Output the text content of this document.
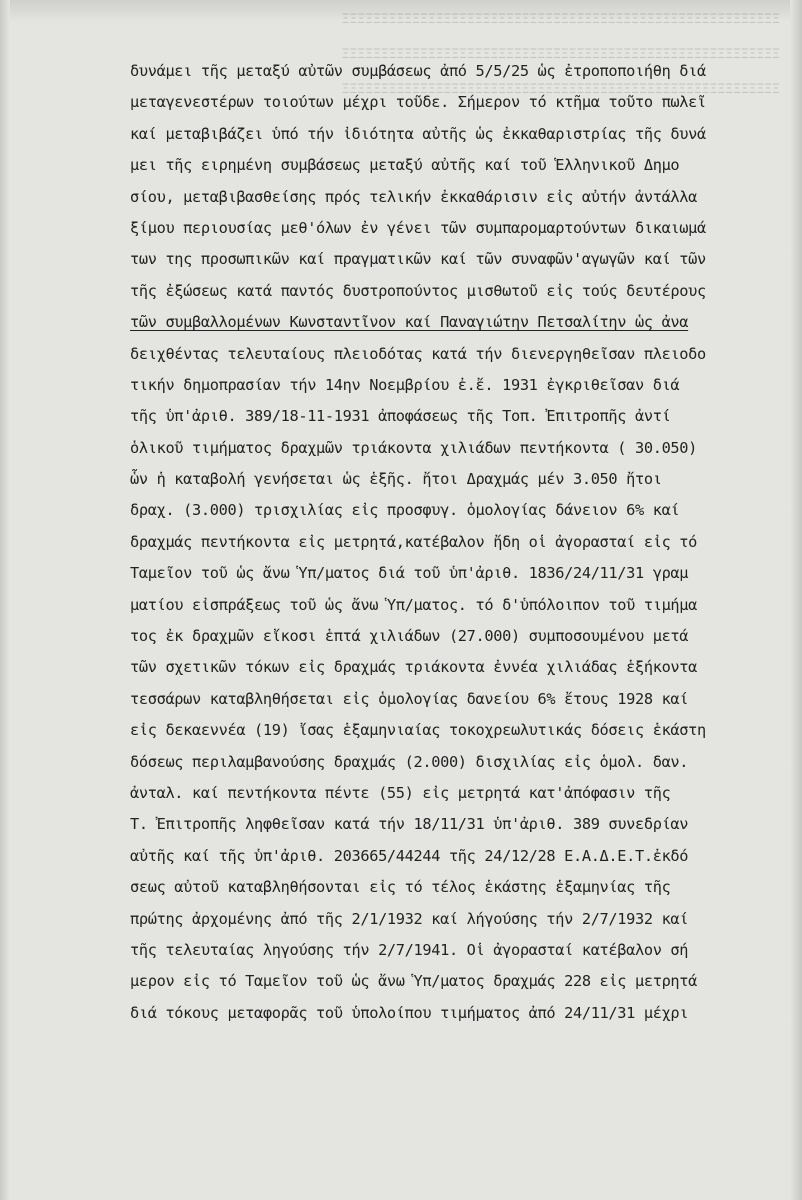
ΞΞΞΞΞΞΞΞΞΞΞΞΞΞΞΞΞΞΞΞΞΞΞΞΞΞΞΞΞΞΞΞΞΞΞΞΞΞΞΞΞΞΞΞΞΞΞΞΞΞΞΞΞΞΞΞ
ΞΞΞΞΞΞΞΞΞΞΞΞΞΞΞΞΞΞΞΞΞΞΞΞΞΞΞΞΞΞΞΞΞΞΞΞΞΞΞΞΞΞΞΞΞΞΞΞΞΞΞΞΞΞΞΞ
ΞΞΞΞΞΞΞΞΞΞΞΞΞΞΞΞΞΞΞΞΞΞΞΞΞΞΞΞΞΞΞΞΞΞΞΞΞΞΞΞΞΞΞΞΞΞΞΞΞΞΞΞΞΞΞΞ
δυνάμει τῆς μεταξύ αὐτῶν συμβάσεως ἀπό 5/5/25 ὡς ἐτροποποιήθη διά
μεταγενεστέρων τοιούτων μέχρι τοῦδε. Σήμερον τό κτῆμα τοῦτο πωλεῖ
καί μεταβιβάζει ὑπό τήν ἰδιότητα αὐτῆς ὡς ἐκκαθαριστρίας τῆς δυνά
μει τῆς ειρημένη συμβάσεως μεταξύ αὐτῆς καί τοῦ Ἑλληνικοῦ Δημο
σίου, μεταβιβασθείσης πρός τελικήν ἐκκαθάρισιν εἰς αὐτήν ἀντάλλα
ξίμου περιουσίας μεθ'όλων ἐν γένει τῶν συμπαρομαρτούντων δικαιωμά
των της προσωπικῶν καί πραγματικῶν καί τῶν συναφῶν'αγωγῶν καί τῶν
τῆς ἐξώσεως κατά παντός δυστροπούντος μισθωτοῦ εἰς τούς δευτέρους
τῶν συμβαλλομένων Κωνσταντῖνον καί Παναγιώτην Πετσαλίτην ὡς ἀνα
δειχθέντας τελευταίους πλειοδότας κατά τήν διενεργηθεῖσαν πλειοδο
τικήν δημοπρασίαν τήν 14ην Νοεμβρίου ἐ.ἔ. 1931 ἐγκριθεῖσαν διά
τῆς ὑπ'ἀριθ. 389/18-11-1931 ἀποφάσεως τῆς Τοπ. Ἐπιτροπῆς ἀντί
ὁλικοῦ τιμήματος δραχμῶν τριάκοντα χιλιάδων πεντήκοντα ( 30.050)
ὧν ἡ καταβολή γενήσεται ὡς ἑξῆς. ἤτοι Δραχμάς μέν 3.050 ἤτοι
δραχ. (3.000) τρισχιλίας εἰς προσφυγ. ὁμολογίας δάνειον 6% καί
δραχμάς πεντήκοντα εἰς μετρητά,κατέβαλον ἤδη οἱ ἀγορασταί εἰς τό
Ταμεῖον τοῦ ὡς ἄνω Ὑπ/ματος διά τοῦ ὑπ'ἀριθ. 1836/24/11/31 γραμ
ματίου εἰσπράξεως τοῦ ὡς ἄνω Ὑπ/ματος. τό δ'ὑπόλοιπον τοῦ τιμήμα
τος ἐκ δραχμῶν εἴκοσι ἑπτά χιλιάδων (27.000) συμποσουμένου μετά
τῶν σχετικῶν τόκων εἰς δραχμάς τριάκοντα ἐννέα χιλιάδας ἑξήκοντα
τεσσάρων καταβληθήσεται εἰς ὁμολογίας δανείου 6% ἔτους 1928 καί
εἰς δεκαεννέα (19) ἴσας ἑξαμηνιαίας τοκοχρεωλυτικάς δόσεις ἑκάστη
δόσεως περιλαμβανούσης δραχμάς (2.000) δισχιλίας εἰς ὁμολ. δαν.
ἀνταλ. καί πεντήκοντα πέντε (55) εἰς μετρητά κατ'ἀπόφασιν τῆς
Τ. Ἐπιτροπῆς ληφθεῖσαν κατά τήν 18/11/31 ὑπ'ἀριθ. 389 συνεδρίαν
αὐτῆς καί τῆς ὑπ'ἀριθ. 203665/44244 τῆς 24/12/28 Ε.Α.Δ.Ε.Τ.ἐκδό
σεως αὐτοῦ καταβληθήσονται εἰς τό τέλος ἑκάστης ἑξαμηνίας τῆς
πρώτης ἀρχομένης ἀπό τῆς 2/1/1932 καί λήγούσης τήν 2/7/1932 καί
τῆς τελευταίας ληγούσης τήν 2/7/1941. Οἱ ἀγορασταί κατέβαλον σή
μερον εἰς τό Ταμεῖον τοῦ ὡς ἄνω Ὑπ/ματος δραχμάς 228 εἰς μετρητά
διά τόκους μεταφορᾶς τοῦ ὑπολοίπου τιμήματος ἀπό 24/11/31 μέχρι
